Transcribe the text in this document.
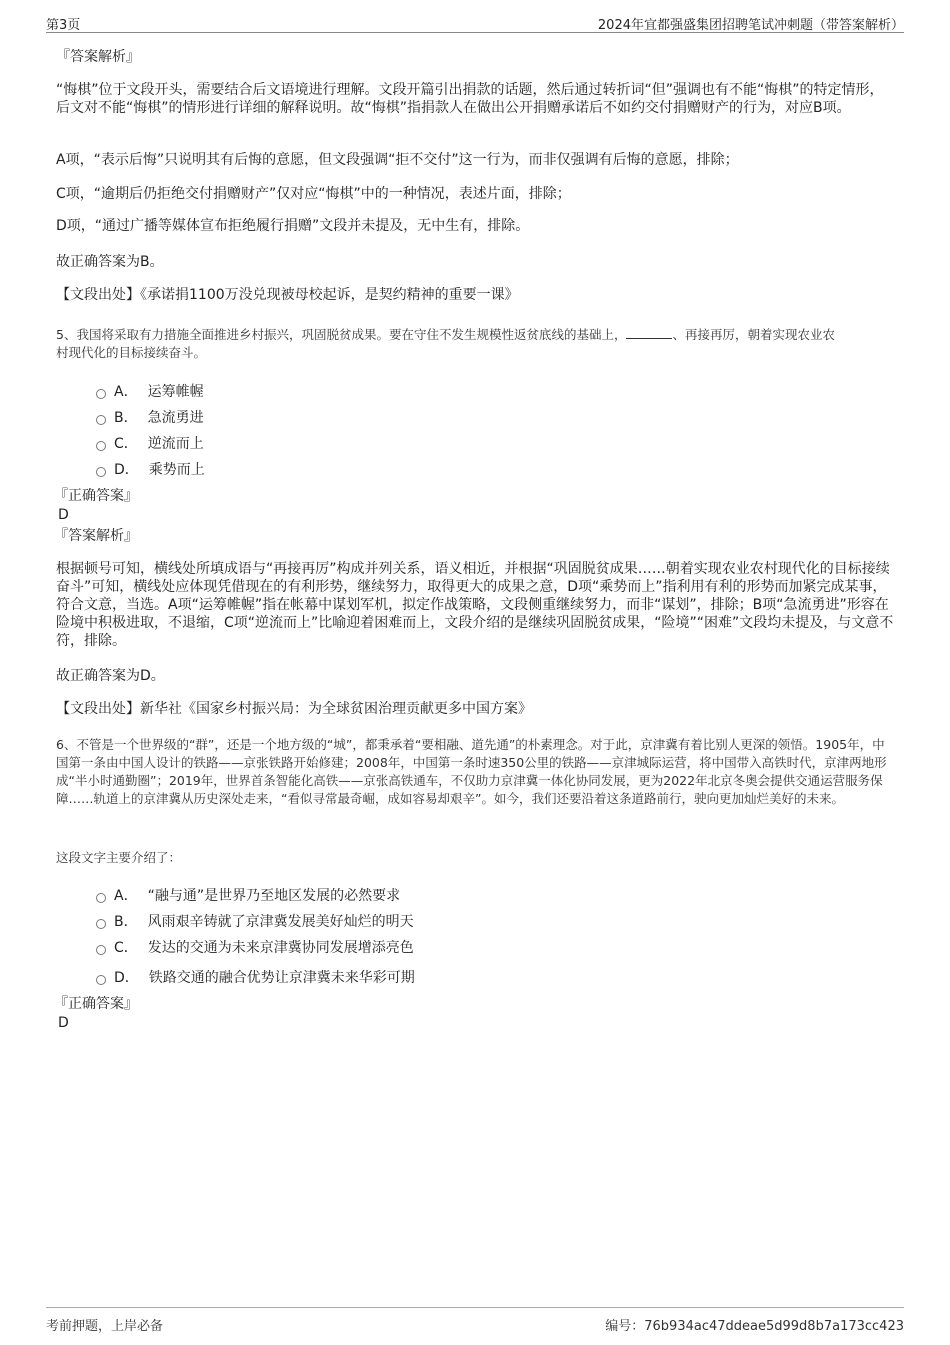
第3页	2024年宜都强盛集团招聘笔试冲刺题（带答案解析）

『答案解析』

“悔棋”位于文段开头，需要结合后文语境进行理解。文段开篇引出捐款的话题，然后通过转折词“但”强调也有不能“悔棋”的特定情形，后文对不能“悔棋”的情形进行详细的解释说明。故“悔棋”指捐款人在做出公开捐赠承诺后不如约交付捐赠财产的行为，对应B项。

A项，“表示后悔”只说明其有后悔的意愿，但文段强调“拒不交付”这一行为，而非仅强调有后悔的意愿，排除；

C项，“逾期后仍拒绝交付捐赠财产”仅对应“悔棋”中的一种情况，表述片面，排除；

D项，“通过广播等媒体宣布拒绝履行捐赠”文段并未提及，无中生有，排除。

故正确答案为B。

【文段出处】《承诺捐1100万没兑现被母校起诉，是契约精神的重要一课》

5、我国将采取有力措施全面推进乡村振兴，巩固脱贫成果。要在守住不发生规模性返贫底线的基础上，	、再接再厉，朝着实现农业农
村现代化的目标接续奋斗。
A． 运筹帷幄
B． 急流勇进
C． 逆流而上
D． 乘势而上

『正确答案』

D

『答案解析』

根据顿号可知，横线处所填成语与“再接再厉”构成并列关系，语义相近，并根据“巩固脱贫成果……朝着实现农业农村现代化的目标接续奋斗”可知，横线处应体现凭借现在的有利形势，继续努力，取得更大的成果之意，D项“乘势而上”指利用有利的形势而加紧完成某事，符合文意，当选。A项“运筹帷幄”指在帐幕中谋划军机，拟定作战策略，文段侧重继续努力，而非“谋划”，排除；B项“急流勇进”形容在险境中积极进取，不退缩，C项“逆流而上”比喻迎着困难而上，文段介绍的是继续巩固脱贫成果，“险境”“困难”文段均未提及，与文意不符，排除。

故正确答案为D。

【文段出处】新华社《国家乡村振兴局：为全球贫困治理贡献更多中国方案》

6、不管是一个世界级的“群”，还是一个地方级的“城”，都秉承着“要相融、道先通”的朴素理念。对于此，京津冀有着比别人更深的领悟。1905年，中国第一条由中国人设计的铁路——京张铁路开始修建；2008年，中国第一条时速350公里的铁路——京津城际运营，将中国带入高铁时代，京津两地形成“半小时通勤圈”；2019年，世界首条智能化高铁——京张高铁通车，不仅助力京津冀一体化协同发展，更为2022年北京冬奥会提供交通运营服务保障……轨道上的京津冀从历史深处走来，“看似寻常最奇崛，成如容易却艰辛”。如今，我们还要沿着这条道路前行，驶向更加灿烂美好的未来。
这段文字主要介绍了：
A． “融与通”是世界乃至地区发展的必然要求
B． 风雨艰辛铸就了京津冀发展美好灿烂的明天
C． 发达的交通为未来京津冀协同发展增添亮色
D． 铁路交通的融合优势让京津冀未来华彩可期

『正确答案』

D

考前押题，上岸必备	编号：76b934ac47ddeae5d99d8b7a173cc423
